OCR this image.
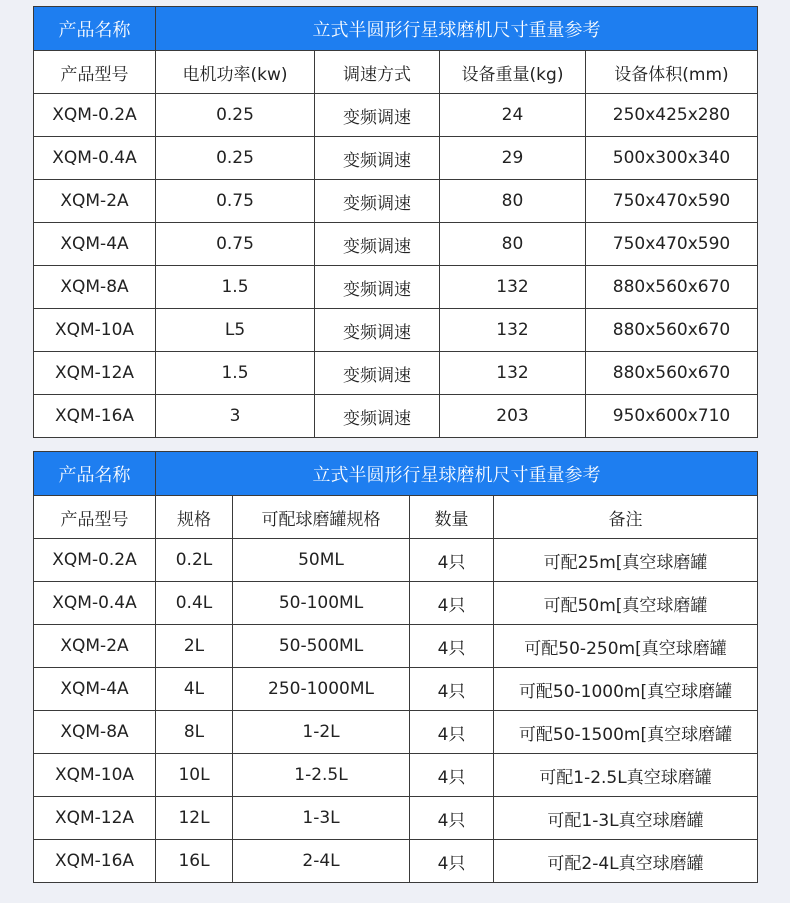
产品名称	立式半圆形行星球磨机尺寸重量参考			
产品型号	电机功率(kw)	调速方式	设备重量(kg)	设备体积(mm)
XQM-0.2A	0.25	变频调速	24	250x425x280
XQM-0.4A	0.25	变频调速	29	500x300x340
XQM-2A	0.75	变频调速	80	750x470x590
XQM-4A	0.75	变频调速	80	750x470x590
XQM-8A	1.5	变频调速	132	880x560x670
XQM-10A	L5	变频调速	132	880x560x670
XQM-12A	1.5	变频调速	132	880x560x670
XQM-16A	3	变频调速	203	950x600x710
产品名称	立式半圆形行星球磨机尺寸重量参考			
产品型号	规格	可配球磨罐规格	数量	备注
XQM-0.2A	0.2L	50ML	4只	可配25m[真空球磨罐
XQM-0.4A	0.4L	50-100ML	4只	可配50m[真空球磨罐
XQM-2A	2L	50-500ML	4只	可配50-250m[真空球磨罐
XQM-4A	4L	250-1000ML	4只	可配50-1000m[真空球磨罐
XQM-8A	8L	1-2L	4只	可配50-1500m[真空球磨罐
XQM-10A	10L	1-2.5L	4只	可配1-2.5L真空球磨罐
XQM-12A	12L	1-3L	4只	可配1-3L真空球磨罐
XQM-16A	16L	2-4L	4只	可配2-4L真空球磨罐
